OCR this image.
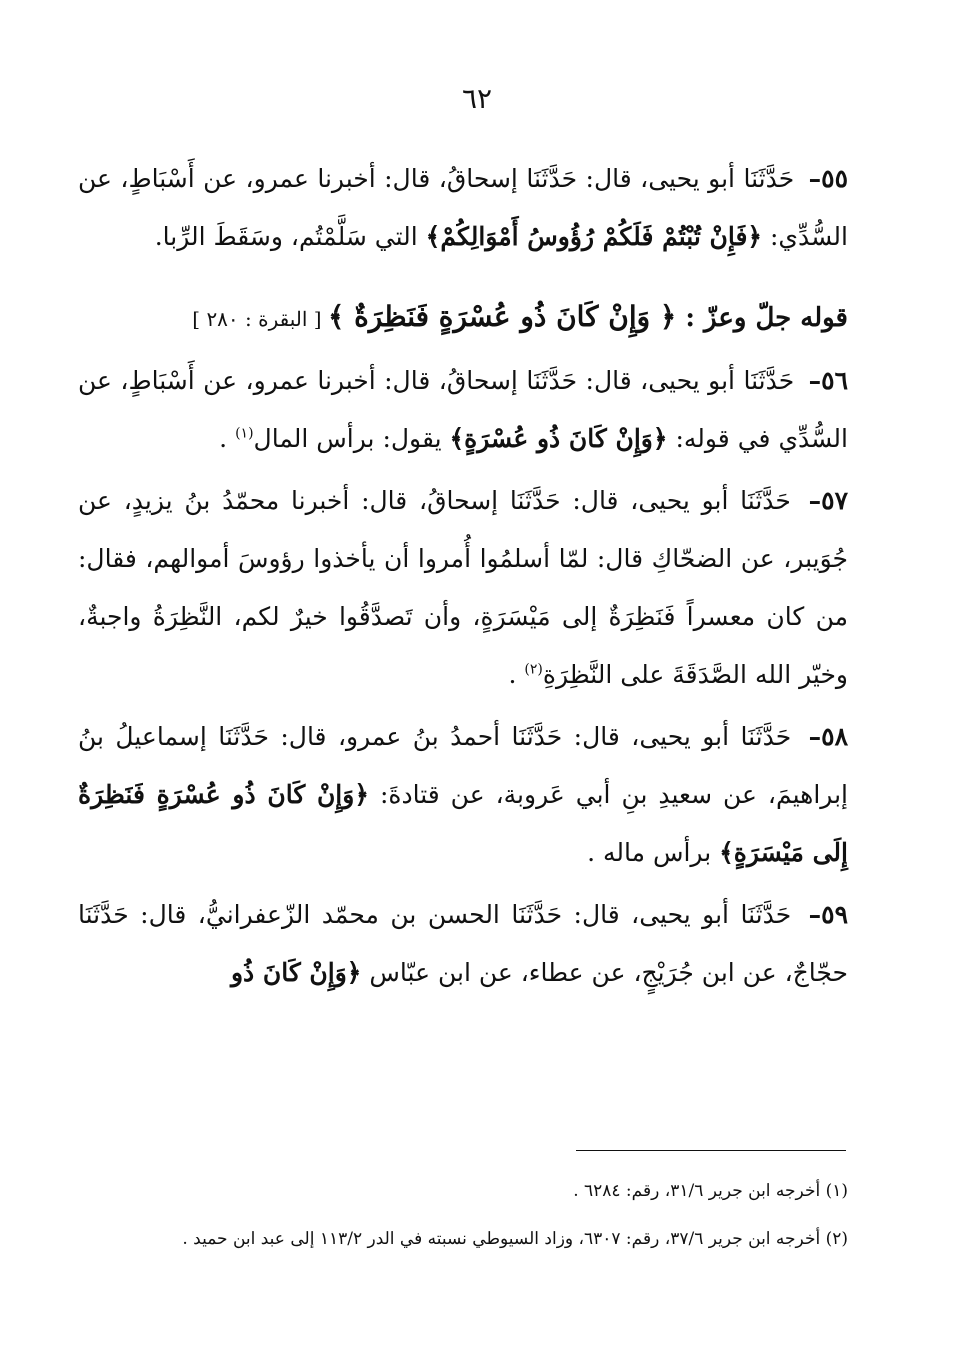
٦٢

٥٥– حَدَّثَنَا أبو يحيى، قال: حَدَّثَنَا إسحاقُ، قال: أخبرنا عمرو، عن أَسْبَاطٍ، عن السُّدِّي: ﴿فَإِنْ تُبْتُمْ فَلَكُمْ رُؤُوسُ أَمْوَالِكُمْ﴾ التي سَلَّمْتُم، وسَقَطَ الرِّبا.

قوله جلّ وعزّ : ﴿ وَإِنْ كَانَ ذُو عُسْرَةٍ فَنَظِرَةٌ ﴾ [ البقرة : ٢٨٠ ]

٥٦– حَدَّثَنَا أبو يحيى، قال: حَدَّثَنَا إسحاقُ، قال: أخبرنا عمرو، عن أَسْبَاطٍ، عن السُّدِّي في قوله: ﴿وَإِنْ كَانَ ذُو عُسْرَةٍ﴾ يقول: برأس المال$^{(١)}$ .

٥٧– حَدَّثَنَا أبو يحيى، قال: حَدَّثَنَا إسحاقُ، قال: أخبرنا محمّدُ بنُ يزيدٍ، عن جُوَيبر، عن الضحّاكِ قال: لمّا أسلمُوا أُمروا أن يأخذوا رؤوسَ أموالهم، فقال: من كان معسراً فَنَظِرَةٌ إلى مَيْسَرَةٍ، وأن تَصدَّقُوا خيرٌ لكم، النَّظِرَةُ واجبةٌ، وخيّر الله الصَّدَقَةَ على النَّظِرَةِ$^{(٢)}$ .

٥٨– حَدَّثَنَا أبو يحيى، قال: حَدَّثَنَا أحمدُ بنُ عمرو، قال: حَدَّثَنَا إسماعيلُ بنُ إبراهيمَ، عن سعيدِ بنِ أبي عَروبة، عن قتادةَ: ﴿وَإِنْ كَانَ ذُو عُسْرَةٍ فَنَظِرَةٌ إِلَى مَيْسَرَةٍ﴾ برأس ماله .

٥٩– حَدَّثَنَا أبو يحيى، قال: حَدَّثَنَا الحسن بن محمّد الزّعفرانيُّ، قال: حَدَّثَنَا حجّاجٌ، عن ابن جُرَيْجٍ، عن عطاء، عن ابن عبّاس ﴿وَإِنْ كَانَ ذُو

(١) أخرجه ابن جرير ٣١/٦، رقم: ٦٢٨٤ .

(٢) أخرجه ابن جرير ٣٧/٦، رقم: ٦٣٠٧، وزاد السيوطي نسبته في الدر ١١٣/٢ إلى عبد ابن حميد .
